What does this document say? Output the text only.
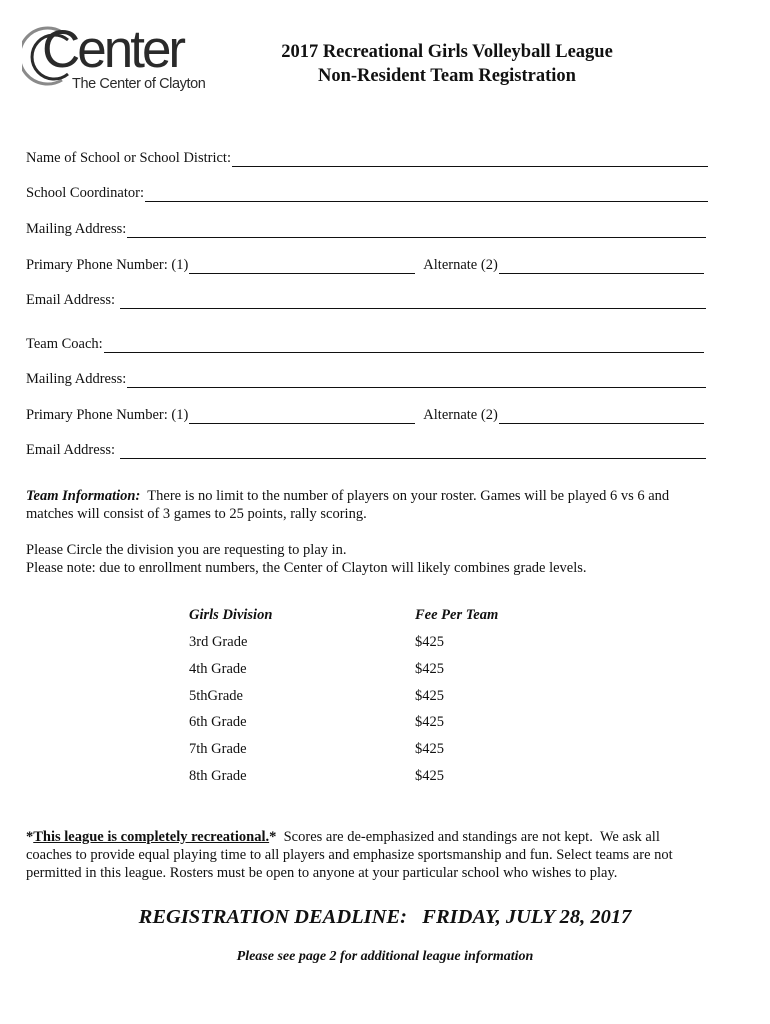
Center
The Center of Clayton
2017 Recreational Girls Volleyball League
Non-Resident Team Registration
Name of School or School District:
School Coordinator:
Mailing Address:
Primary Phone Number: (1)	Alternate (2)
Email Address:
Team Coach:
Mailing Address:
Primary Phone Number: (1)	Alternate (2)
Email Address:
Team Information: There is no limit to the number of players on your roster. Games will be played 6 vs 6 and
matches will consist of 3 games to 25 points, rally scoring.
Please Circle the division you are requesting to play in.
Please note: due to enrollment numbers, the Center of Clayton will likely combines grade levels.
Girls Division	Fee Per Team
3rd Grade	$425
4th Grade	$425
5thGrade	$425
6th Grade	$425
7th Grade	$425
8th Grade	$425
*This league is completely recreational.*  Scores are de-emphasized and standings are not kept.  We ask all
coaches to provide equal playing time to all players and emphasize sportsmanship and fun. Select teams are not
permitted in this league. Rosters must be open to anyone at your particular school who wishes to play.
REGISTRATION DEADLINE:   FRIDAY, JULY 28, 2017
Please see page 2 for additional league information
